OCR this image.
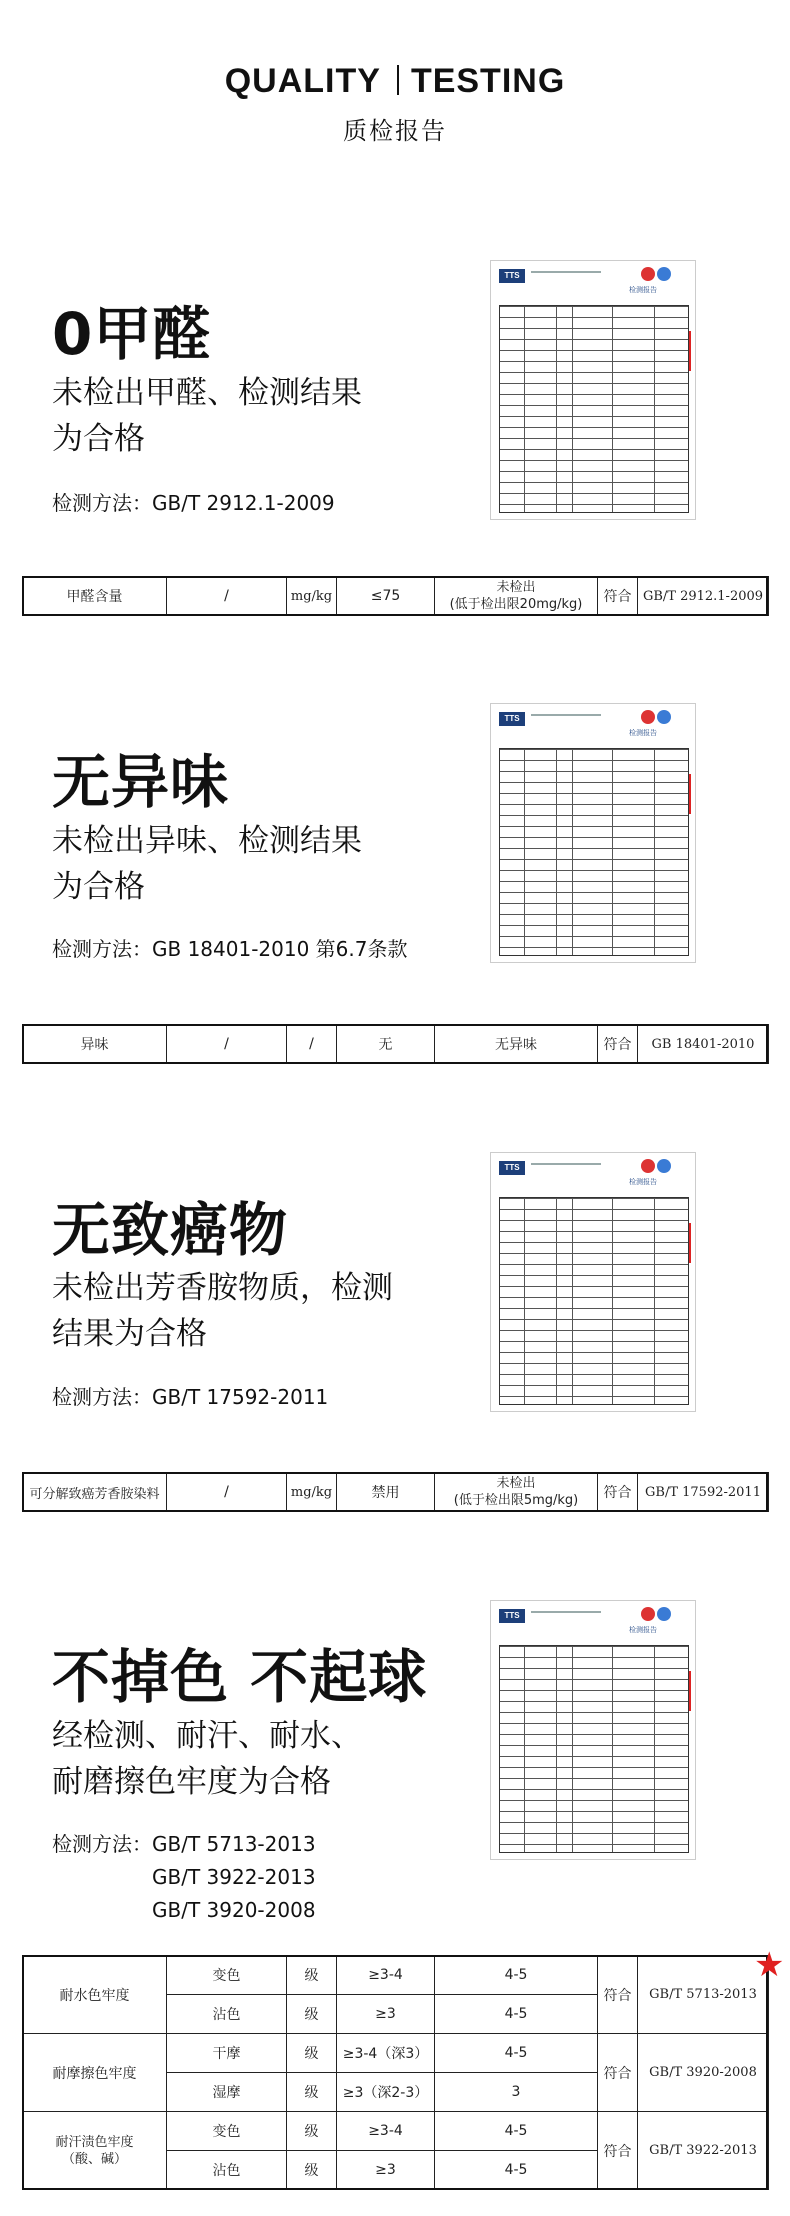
QUALITY TESTING
质检报告
0甲醛
未检出甲醛、检测结果
为合格
检测方法：GB/T 2912.1-2009
TTS
检测报告
甲醛含量	/	mg/kg	≤75	
未检出
(低于检出限20mg/kg)	符合	GB/T 2912.1-2009
无异味
未检出异味、检测结果
为合格
检测方法：GB 18401-2010 第6.7条款
TTS
检测报告
异味	/	/	无	无异味	符合	GB 18401-2010
无致癌物
未检出芳香胺物质，检测
结果为合格
检测方法：GB/T 17592-2011
TTS
检测报告
可分解致癌芳香胺染料	/	mg/kg	禁用	
未检出
(低于检出限5mg/kg)	符合	GB/T 17592-2011
不掉色 不起球
经检测、耐汗、耐水、
耐磨擦色牢度为合格
检测方法： GB/T 5713-2013
GB/T 3922-2013
GB/T 3920-2008
TTS
检测报告
耐水色牢度	变色	级	≥3-4	4-5	符合	GB/T 5713-2013
	沾色	级	≥3	4-5		
耐摩擦色牢度	干摩	级	≥3-4（深3）	4-5	符合	GB/T 3920-2008
	湿摩	级	≥3（深2-3）	3		

耐汗渍色牢度
（酸、碱）	变色	级	≥3-4	4-5	符合	GB/T 3922-2013
	沾色	级	≥3	4-5		
★
